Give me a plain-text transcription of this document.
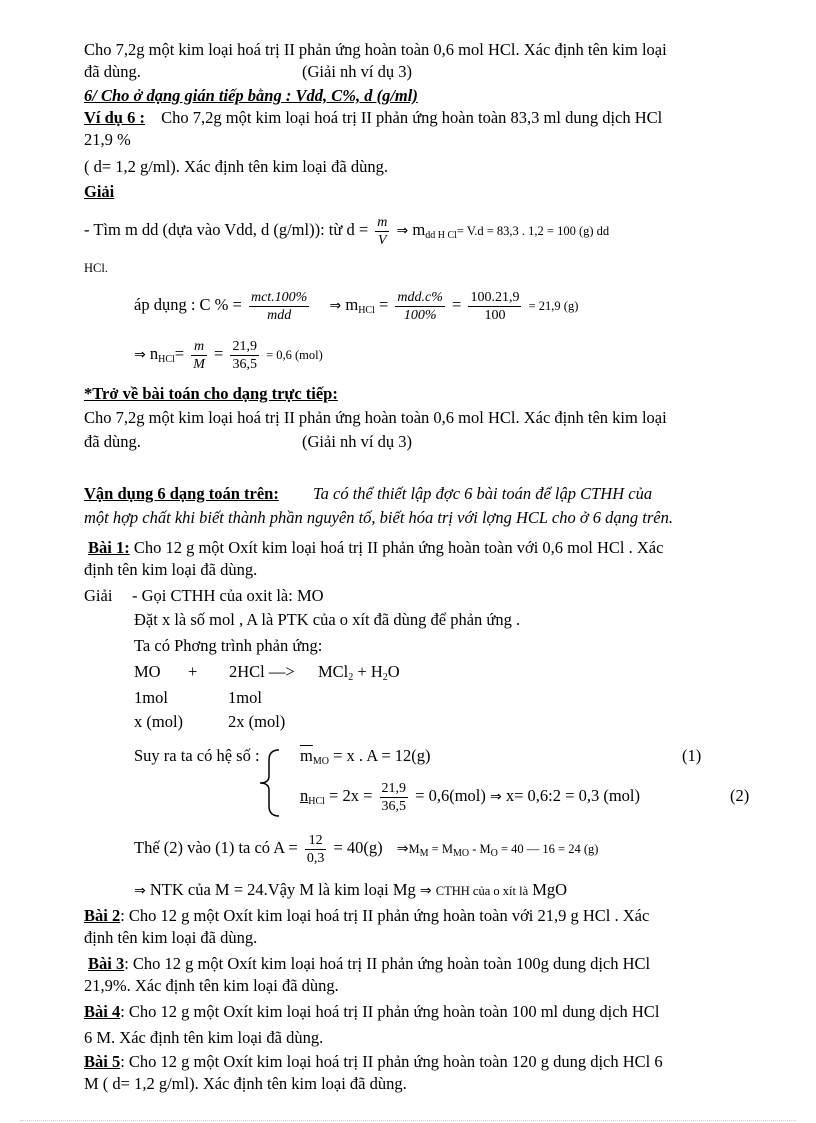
Cho 7,2g một kim loại hoá trị II phản ứng hoàn toàn 0,6 mol HCl. Xác định tên kim loại
đã dùng.	(Giải nh ví dụ 3)
6/ Cho ở dạng gián tiếp bằng : Vdd, C%, d (g/ml)
Ví dụ 6 : Cho 7,2g một kim loại hoá trị II phản ứng hoàn toàn 83,3 ml dung dịch HCl
21,9 %
( d= 1,2 g/ml). Xác định tên kim loại đã dùng.
Giải
- Tìm m dd (dựa vào Vdd, d (g/ml)): từ $d = \frac{m}{V}$ ⇒ $m_{dd H Cl}= V.d = 83,3$ . 1,2 = 100 (g) dd
HCl.
áp dụng : C % = $\frac{\text{mct.100\%}}{\text{mdd}}$ ⇒ $m_{HCl} = \frac{\text{mdd.c\%}}{100\%} = \frac{100.21,9}{100} = 21,9$ (g)
⇒ $n_{HCl}= \frac{m}{M} = \frac{21,9}{36,5} = 0,6$ (mol)
*Trở về bài toán cho dạng trực tiếp:
Cho 7,2g một kim loại hoá trị II phản ứng hoàn toàn 0,6 mol HCl. Xác định tên kim loại
đã dùng.	(Giải nh ví dụ 3)
Vận dụng 6 dạng toán trên: Ta có thể thiết lập đợc 6 bài toán để lập CTHH của
một hợp chất khi biết thành phần nguyên tố, biết hóa trị với lợng HCL cho ở 6 dạng trên.
Bài 1: Cho 12 g một Oxít kim loại hoá trị II phản ứng hoàn toàn với 0,6 mol HCl . Xác
định tên kim loại đã dùng.
Giải - Gọi CTHH của oxit là: MO
Đặt x là số mol , A là PTK của o xít đã dùng để phản ứng .
Ta có Phơng trình phản ứng:
MO + 2HCl —> $MCl_2 + H_2O$
1mol	1mol
x (mol)	2x (mol)
Suy ra ta có hệ số : $\overline{m}_{MO} = x$ . A = 12(g)	(1)
$n_{HCl} = 2x = \frac{21,9}{36,5} = 0,6(mol)$ ⇒ x= 0,6:2 = 0,3 (mol)	(2)
Thế (2) vào (1) ta có $A = \frac{12}{0,3} = 40(g)$ $\Rightarrow M_M = M_{MO} - M_O = 40$ — 16 = 24 (g)
⇒ NTK của M = 24.Vậy M là kim loại Mg ⇒ CTHH của o xít là MgO
Bài 2: Cho 12 g một Oxít kim loại hoá trị II phản ứng hoàn toàn với 21,9 g HCl . Xác
định tên kim loại đã dùng.
Bài 3: Cho 12 g một Oxít kim loại hoá trị II phản ứng hoàn toàn 100g dung dịch HCl
21,9%. Xác định tên kim loại đã dùng.
Bài 4: Cho 12 g một Oxít kim loại hoá trị II phản ứng hoàn toàn 100 ml dung dịch HCl
6 M. Xác định tên kim loại đã dùng.
Bài 5: Cho 12 g một Oxít kim loại hoá trị II phản ứng hoàn toàn 120 g dung dịch HCl 6
M ( d= 1,2 g/ml). Xác định tên kim loại đã dùng.
